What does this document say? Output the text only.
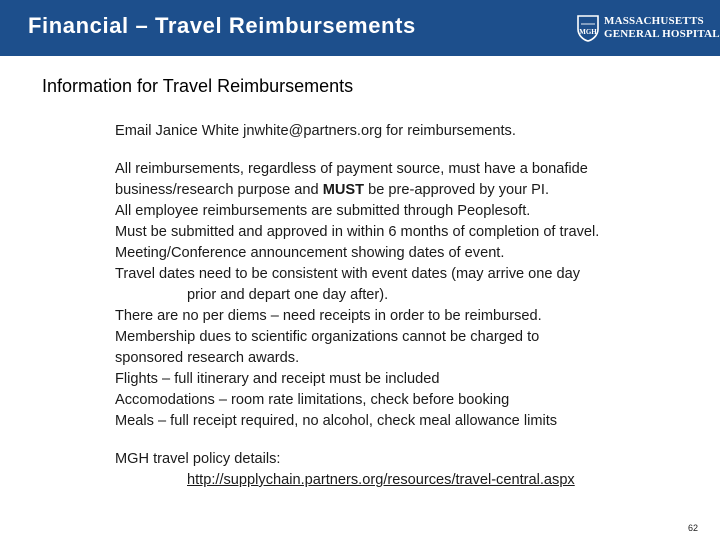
Financial – Travel Reimbursements	MGH
MASSACHUSETTS
GENERAL HOSPITAL
Information for Travel Reimbursements
Email Janice White jnwhite@partners.org for reimbursements.
All reimbursements, regardless of payment source, must have a bonafide
business/research purpose and MUST be pre-approved by your PI.
All employee reimbursements are submitted through Peoplesoft.
Must be submitted and approved in within 6 months of completion of travel.
Meeting/Conference announcement showing dates of event.
Travel dates need to be consistent with event dates (may arrive one day
prior and depart one day after).
There are no per diems – need receipts in order to be reimbursed.
Membership dues to scientific organizations cannot be charged to
sponsored research awards.
Flights – full itinerary and receipt must be included
Accomodations – room rate limitations, check before booking
Meals – full receipt required, no alcohol, check meal allowance limits
MGH travel policy details:
http://supplychain.partners.org/resources/travel-central.aspx
62
